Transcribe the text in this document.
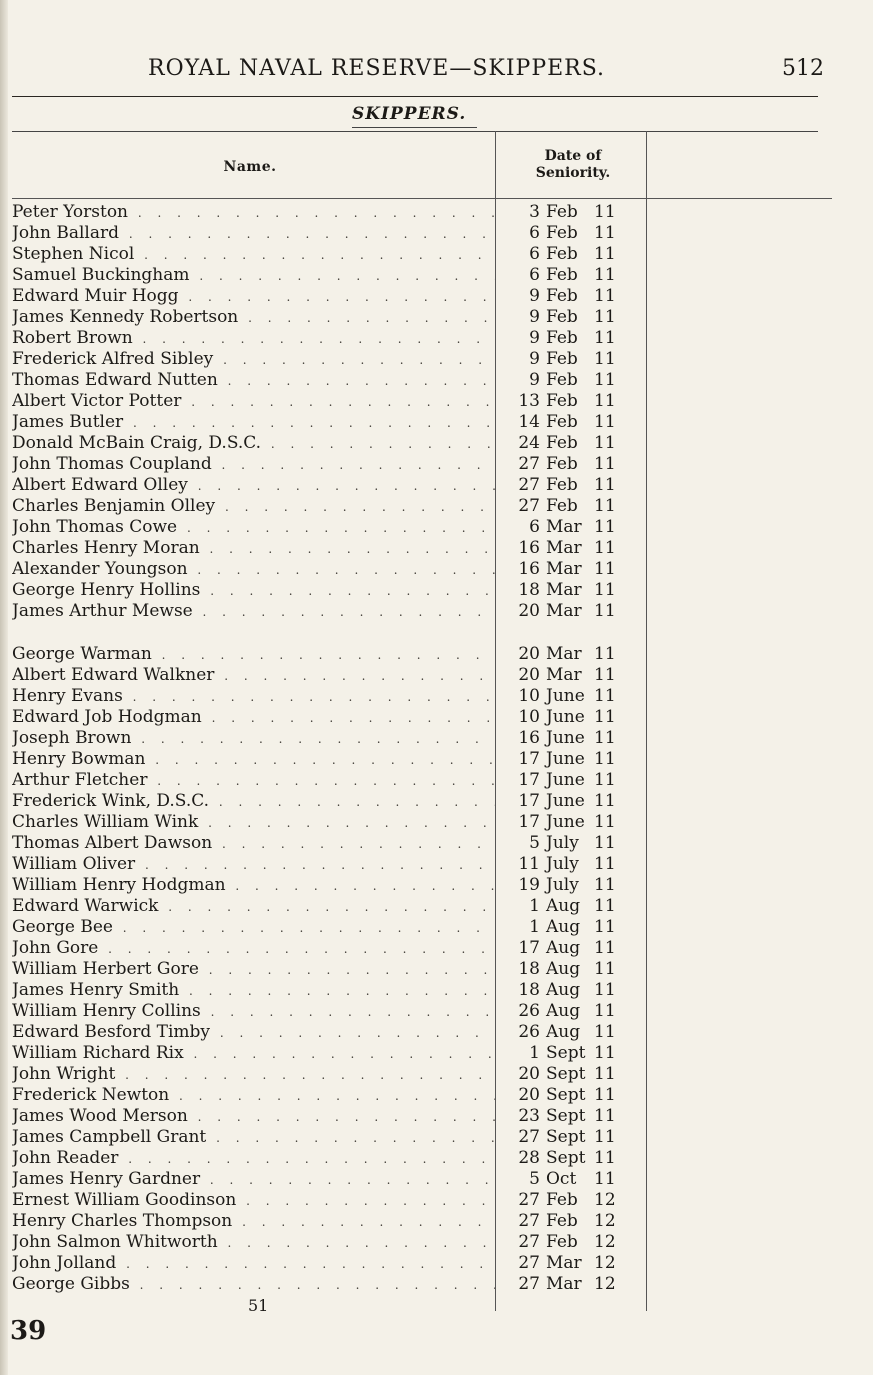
ROYAL NAVAL RESERVE—SKIPPERS.	512
SKIPPERS.
Name.
Date of
Seniority.
Peter Yorston . . .	3 Feb 11
John Ballard . . .	6 Feb 11
Stephen Nicol . . .	6 Feb 11
Samuel Buckingham . . .	6 Feb 11
Edward Muir Hogg . . .	9 Feb 11
James Kennedy Robertson . . .	9 Feb 11
Robert Brown . . .	9 Feb 11
Frederick Alfred Sibley . . .	9 Feb 11
Thomas Edward Nutten . . .	9 Feb 11
Albert Victor Potter . . .	13 Feb 11
James Butler . . .	14 Feb 11
Donald McBain Craig, D.S.C. . . .	24 Feb 11
John Thomas Coupland . . .	27 Feb 11
Albert Edward Olley . . .	27 Feb 11
Charles Benjamin Olley . . .	27 Feb 11
John Thomas Cowe . . .	6 Mar 11
Charles Henry Moran . . .	16 Mar 11
Alexander Youngson . . .	16 Mar 11
George Henry Hollins . . .	18 Mar 11
James Arthur Mewse . . .	20 Mar 11
George Warman . . .	20 Mar 11
Albert Edward Walkner . . .	20 Mar 11
Henry Evans . . .	10 June 11
Edward Job Hodgman . . .	10 June 11
Joseph Brown . . .	16 June 11
Henry Bowman . . .	17 June 11
Arthur Fletcher . . .	17 June 11
Frederick Wink, D.S.C. . . .	17 June 11
Charles William Wink . . .	17 June 11
Thomas Albert Dawson . . .	5 July 11
William Oliver . . .	11 July 11
William Henry Hodgman . . .	19 July 11
Edward Warwick . . .	1 Aug 11
George Bee . . .	1 Aug 11
John Gore . . .	17 Aug 11
William Herbert Gore . . .	18 Aug 11
James Henry Smith . . .	18 Aug 11
William Henry Collins . . .	26 Aug 11
Edward Besford Timby . . .	26 Aug 11
William Richard Rix . . .	1 Sept 11
John Wright . . .	20 Sept 11
Frederick Newton . . .	20 Sept 11
James Wood Merson . . .	23 Sept 11
James Campbell Grant . . .	27 Sept 11
John Reader . . .	28 Sept 11
James Henry Gardner . . .	5 Oct 11
Ernest William Goodinson . . .	27 Feb 12
Henry Charles Thompson . . .	27 Feb 12
John Salmon Whitworth . . .	27 Feb 12
John Jolland . . .	27 Mar 12
George Gibbs . . .	27 Mar 12
39
51
